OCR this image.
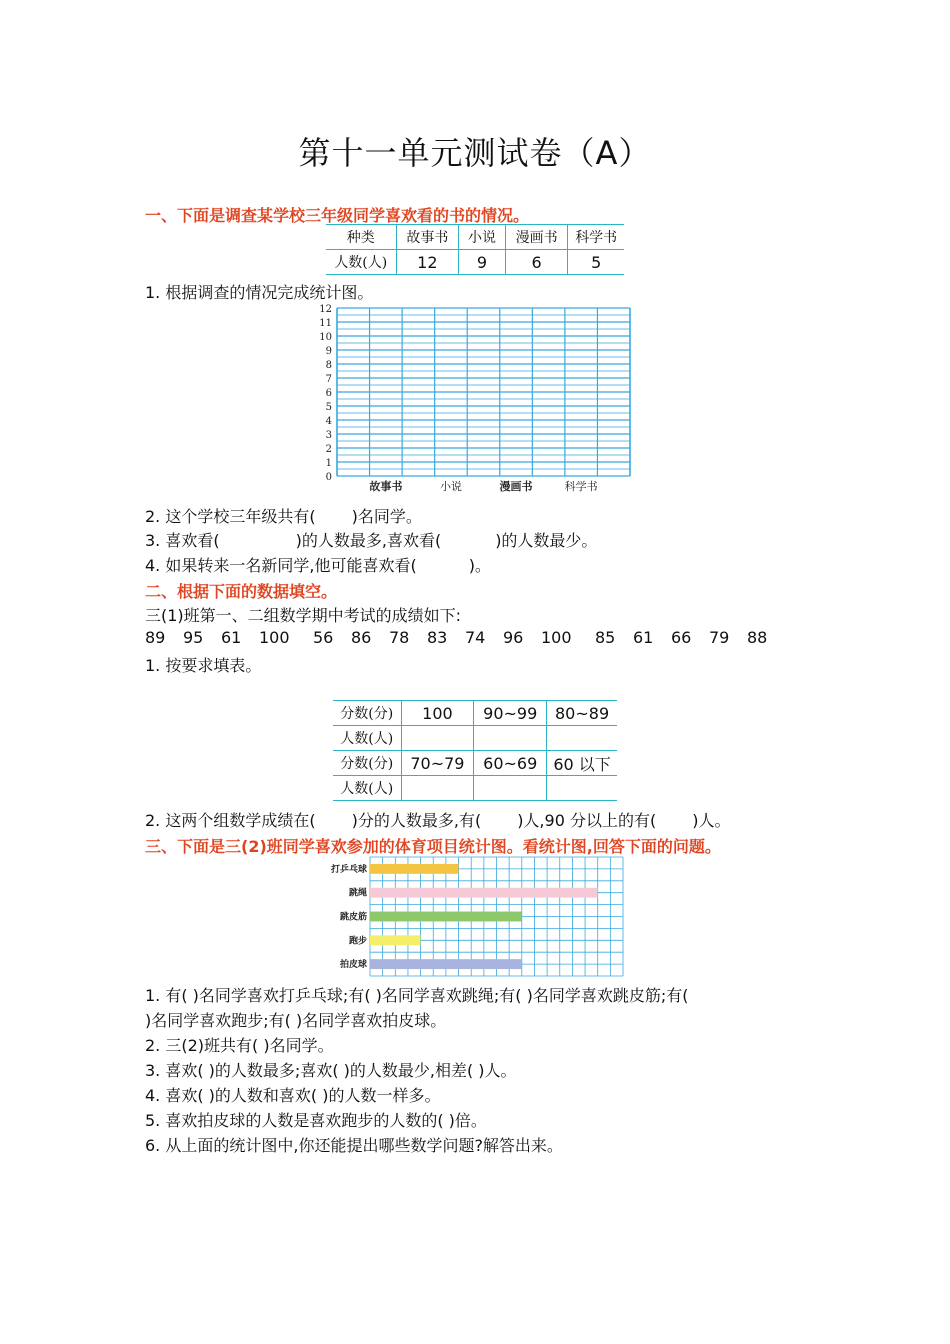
第十一单元测试卷（A）
一、下面是调查某学校三年级同学喜欢看的书的情况。
种类	故事书	小说	漫画书	科学书
人数(人)	12	9	6	5
1. 根据调查的情况完成统计图。
0
1
2
3
4
5
6
7
8
9
10
11
12
故事书	小说	漫画书	科学书
2. 这个学校三年级共有( )名同学。
3. 喜欢看(	)的人数最多,喜欢看(	)的人数最少。
4. 如果转来一名新同学,他可能喜欢看(	)。
二、根据下面的数据填空。
三(1)班第一、二组数学期中考试的成绩如下:
89 95 61 100 56 86 78 83 74 96 100 85 61 66 79 88
1. 按要求填表。
分数(分)	100	90~99	80~89
人数(人)			
分数(分)	70~79	60~69	60 以下
人数(人)			
2. 这两个组数学成绩在( )分的人数最多,有( )人,90 分以上的有( )人。
三、下面是三(2)班同学喜欢参加的体育项目统计图。看统计图,回答下面的问题。
打乒乓球
跳绳
跳皮筋
跑步
拍皮球
1. 有( )名同学喜欢打乒乓球;有( )名同学喜欢跳绳;有( )名同学喜欢跳皮筋;有(
)名同学喜欢跑步;有( )名同学喜欢拍皮球。
2. 三(2)班共有( )名同学。
3. 喜欢( )的人数最多;喜欢( )的人数最少,相差( )人。
4. 喜欢( )的人数和喜欢( )的人数一样多。
5. 喜欢拍皮球的人数是喜欢跑步的人数的( )倍。
6. 从上面的统计图中,你还能提出哪些数学问题?解答出来。
